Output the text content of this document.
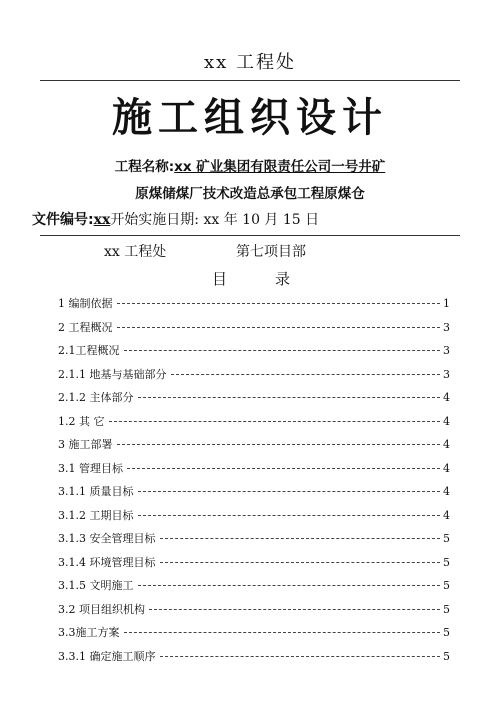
xx 工程处
施工组织设计
工程名称:xx 矿业集团有限责任公司一号井矿
原煤储煤厂技术改造总承包工程原煤仓
文件编号:xx开始实施日期: xx 年 10 月 15 日
xx 工程处	第七项目部
目	录
1 编制依据	1
2 工程概况	3
2.1工程概况	3
2.1.1 地基与基础部分	3
2.1.2 主体部分	4
1.2 其 它	4
3 施工部署	4
3.1 管理目标	4
3.1.1 质量目标	4
3.1.2 工期目标	4
3.1.3 安全管理目标	5
3.1.4 环境管理目标	5
3.1.5 文明施工	5
3.2 项目组织机构	5
3.3施工方案	5
3.3.1 确定施工顺序	5
